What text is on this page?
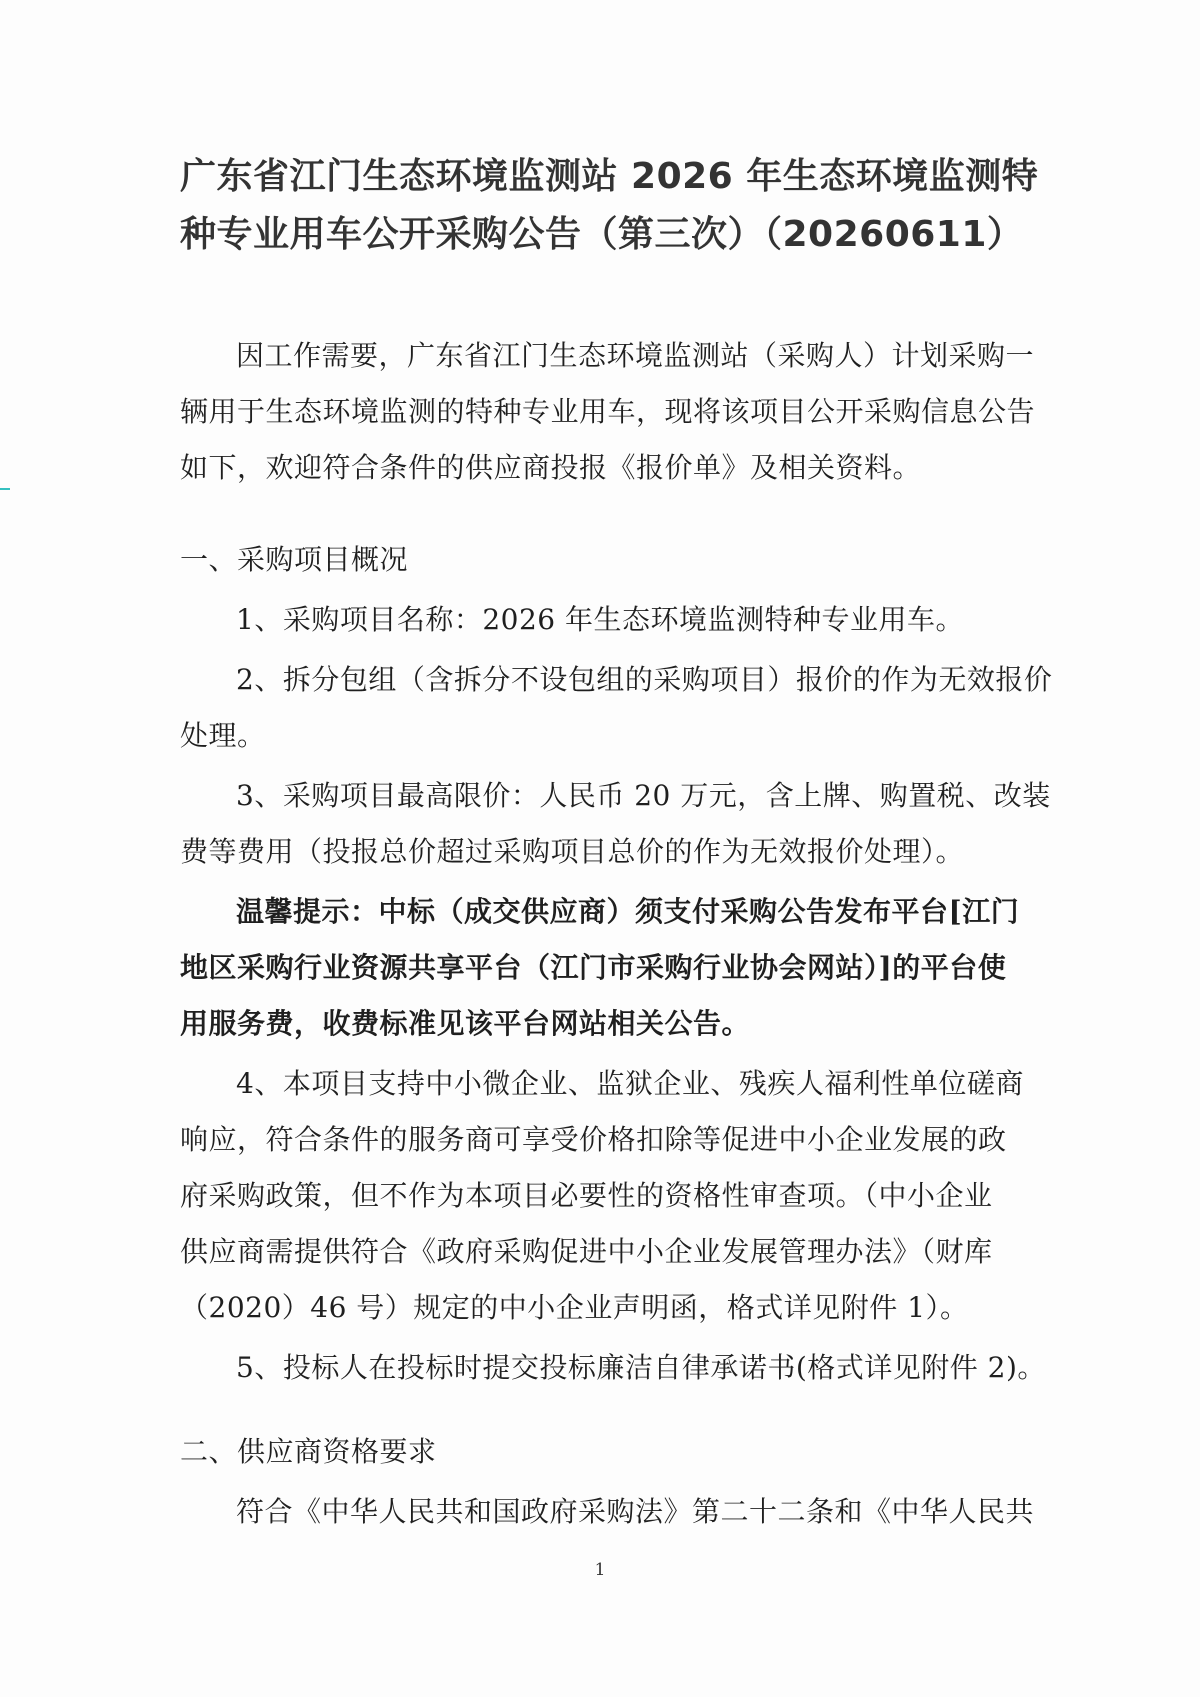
广东省江门生态环境监测站 2026 年生态环境监测特
种专业用车公开采购公告（第三次）（20260611）

因工作需要，广东省江门生态环境监测站（采购人）计划采购一
辆用于生态环境监测的特种专业用车，现将该项目公开采购信息公告
如下，欢迎符合条件的供应商投报《报价单》及相关资料。

一、采购项目概况

1、采购项目名称：2026 年生态环境监测特种专业用车。

2、拆分包组（含拆分不设包组的采购项目）报价的作为无效报价
处理。

3、采购项目最高限价：人民币 20 万元，含上牌、购置税、改装
费等费用（投报总价超过采购项目总价的作为无效报价处理）。

温馨提示：中标（成交供应商）须支付采购公告发布平台[江门
地区采购行业资源共享平台（江门市采购行业协会网站）]的平台使
用服务费，收费标准见该平台网站相关公告。

4、本项目支持中小微企业、监狱企业、残疾人福利性单位磋商
响应，符合条件的服务商可享受价格扣除等促进中小企业发展的政
府采购政策，但不作为本项目必要性的资格性审查项。（中小企业
供应商需提供符合《政府采购促进中小企业发展管理办法》（财库
（2020）46 号）规定的中小企业声明函，格式详见附件 1）。

5、投标人在投标时提交投标廉洁自律承诺书(格式详见附件 2)。

二、供应商资格要求

符合《中华人民共和国政府采购法》第二十二条和《中华人民共

1
